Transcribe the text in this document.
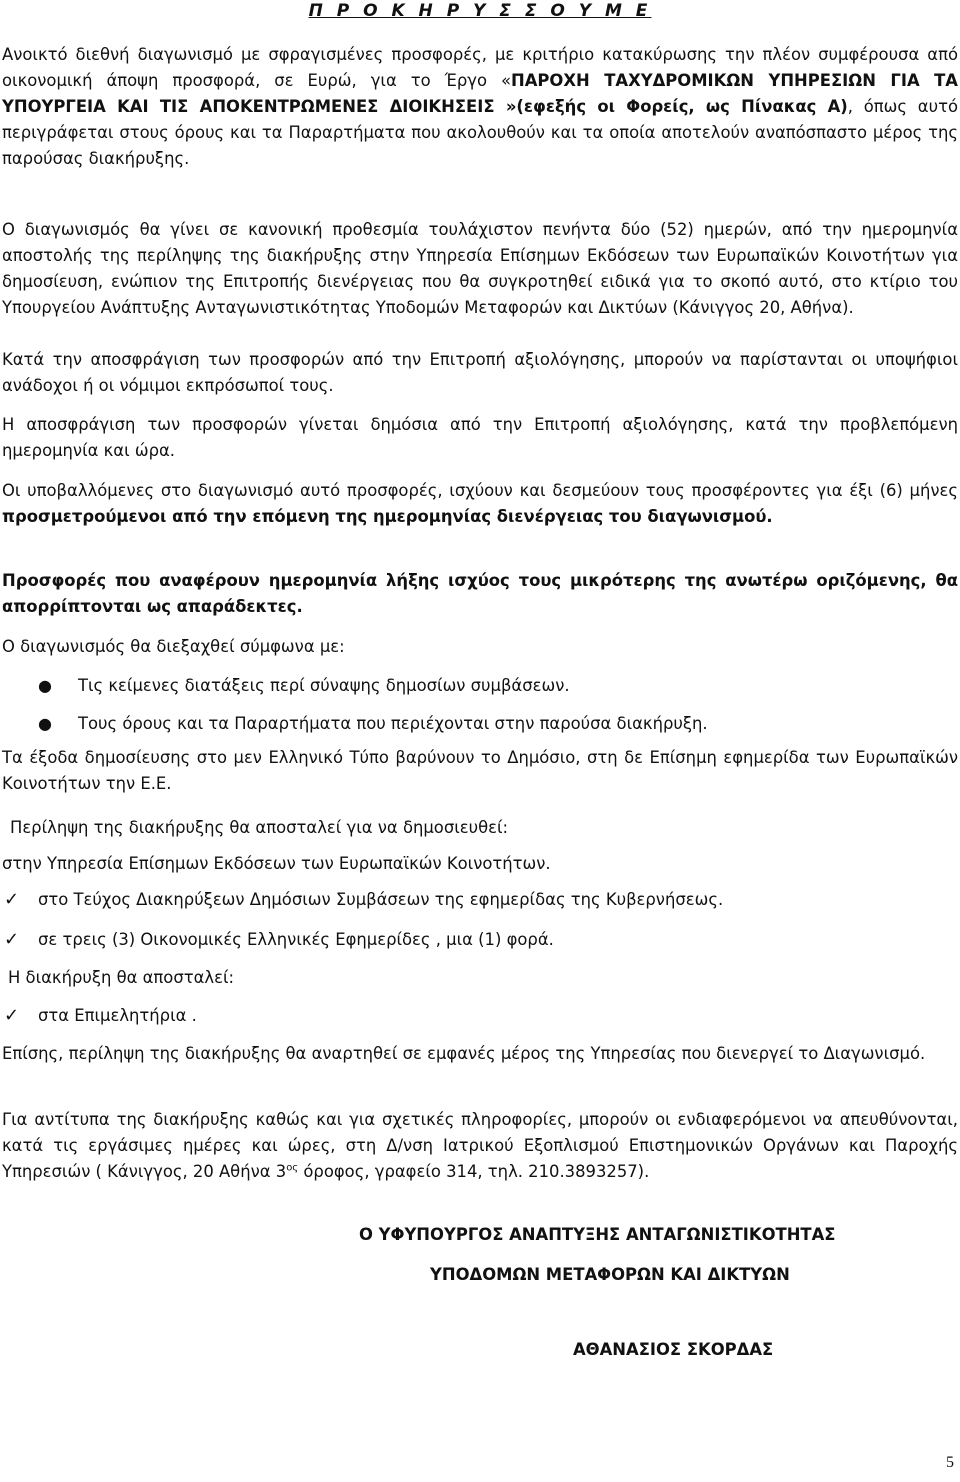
Π Ρ Ο Κ Η Ρ Υ Σ Σ Ο Υ Μ Ε

Ανοικτό διεθνή διαγωνισμό με σφραγισμένες προσφορές, με κριτήριο κατακύρωσης την πλέον συμφέρουσα από οικονομική άποψη προσφορά, σε Ευρώ, για το Έργο «ΠΑΡΟΧΗ ΤΑΧΥΔΡΟΜΙΚΩΝ ΥΠΗΡΕΣΙΩΝ ΓΙΑ ΤΑ ΥΠΟΥΡΓΕΙΑ ΚΑΙ ΤΙΣ ΑΠΟΚΕΝΤΡΩΜΕΝΕΣ ΔΙΟΙΚΗΣΕΙΣ »(εφεξής οι Φορείς, ως Πίνακας Α), όπως αυτό περιγράφεται στους όρους και τα Παραρτήματα που ακολουθούν και τα οποία αποτελούν αναπόσπαστο μέρος της παρούσας διακήρυξης.

Ο διαγωνισμός θα γίνει σε κανονική προθεσμία τουλάχιστον πενήντα δύο (52) ημερών, από την ημερομηνία αποστολής της περίληψης της διακήρυξης στην Υπηρεσία Επίσημων Εκδόσεων των Ευρωπαϊκών Κοινοτήτων για δημοσίευση, ενώπιον της Επιτροπής διενέργειας που θα συγκροτηθεί ειδικά για το σκοπό αυτό, στο κτίριο του Υπουργείου Ανάπτυξης Ανταγωνιστικότητας Υποδομών Μεταφορών και Δικτύων (Κάνιγγος 20, Αθήνα).

Κατά την αποσφράγιση των προσφορών από την Επιτροπή αξιολόγησης, μπορούν να παρίστανται οι υποψήφιοι ανάδοχοι ή οι νόμιμοι εκπρόσωποί τους.

Η αποσφράγιση των προσφορών γίνεται δημόσια από την Επιτροπή αξιολόγησης, κατά την προβλεπόμενη ημερομηνία και ώρα.

Οι υποβαλλόμενες στο διαγωνισμό αυτό προσφορές, ισχύουν και δεσμεύουν τους προσφέροντες για έξι (6) μήνες προσμετρούμενοι από την επόμενη της ημερομηνίας διενέργειας του διαγωνισμού.

Προσφορές που αναφέρουν ημερομηνία λήξης ισχύος τους μικρότερης της ανωτέρω οριζόμενης, θα απορρίπτονται ως απαράδεκτες.

Ο διαγωνισμός θα διεξαχθεί σύμφωνα με:

● Τις κείμενες διατάξεις περί σύναψης δημοσίων συμβάσεων.
● Τους όρους και τα Παραρτήματα που περιέχονται στην παρούσα διακήρυξη.

Τα έξοδα δημοσίευσης στο μεν Ελληνικό Τύπο βαρύνουν το Δημόσιο, στη δε Επίσημη εφημερίδα των Ευρωπαϊκών Κοινοτήτων την Ε.Ε.

Περίληψη της διακήρυξης θα αποσταλεί για να δημοσιευθεί:

στην Υπηρεσία Επίσημων Εκδόσεων των Ευρωπαϊκών Κοινοτήτων.

✓ στο Τεύχος Διακηρύξεων Δημόσιων Συμβάσεων της εφημερίδας της Κυβερνήσεως.
✓ σε τρεις (3) Οικονομικές Ελληνικές Εφημερίδες , μια (1) φορά.

Η διακήρυξη θα αποσταλεί:

✓ στα Επιμελητήρια .

Επίσης, περίληψη της διακήρυξης θα αναρτηθεί σε εμφανές μέρος της Υπηρεσίας που διενεργεί το Διαγωνισμό.

Για αντίτυπα της διακήρυξης καθώς και για σχετικές πληροφορίες, μπορούν οι ενδιαφερόμενοι να απευθύνονται, κατά τις εργάσιμες ημέρες και ώρες, στη Δ/νση Ιατρικού Εξοπλισμού Επιστημονικών Οργάνων και Παροχής Υπηρεσιών ( Κάνιγγος, 20 Αθήνα $3^{o\varsigma}$ όροφος, γραφείο 314, τηλ. 210.3893257).

Ο ΥΦΥΠΟΥΡΓΟΣ ΑΝΑΠΤΥΞΗΣ ΑΝΤΑΓΩΝΙΣΤΙΚΟΤΗΤΑΣ
ΥΠΟΔΟΜΩΝ ΜΕΤΑΦΟΡΩΝ ΚΑΙ ΔΙΚΤΥΩΝ
ΑΘΑΝΑΣΙΟΣ ΣΚΟΡΔΑΣ
5
